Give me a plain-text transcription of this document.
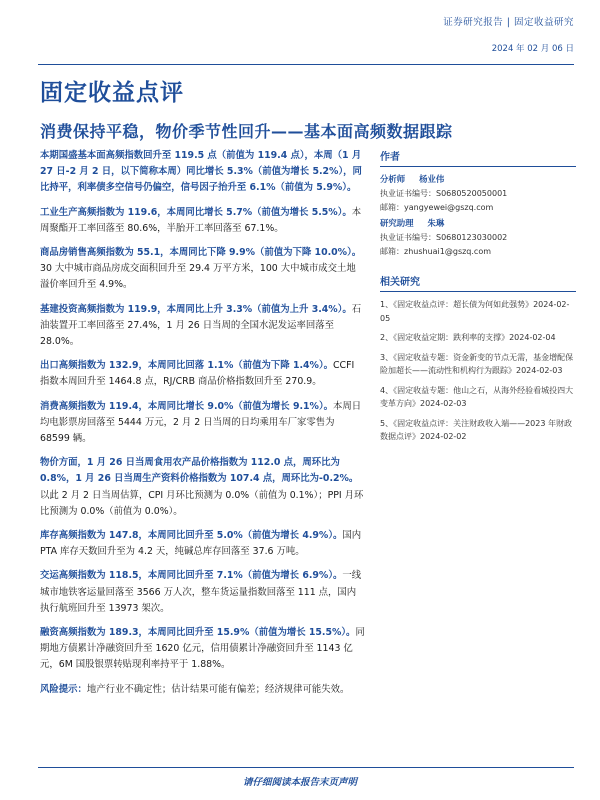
证券研究报告 | 固定收益研究
2024 年 02 月 06 日
固定收益点评
消费保持平稳，物价季节性回升——基本面高频数据跟踪

本期国盛基本面高频指数回升至 119.5 点（前值为 119.4 点），本周（1 月 27 日-2 月 2 日，以下简称本周）同比增长 5.3%（前值为增长 5.2%），同比持平，利率债多空信号仍偏空，信号因子抬升至 6.1%（前值为 5.9%）。

工业生产高频指数为 119.6，本周同比增长 5.7%（前值为增长 5.5%）。本周聚酯开工率回落至 80.6%，半胎开工率回落至 67.1%。

商品房销售高频指数为 55.1，本周同比下降 9.9%（前值为下降 10.0%）。30 大中城市商品房成交面积回升至 29.4 万平方米，100 大中城市成交土地溢价率回升至 4.9%。

基建投资高频指数为 119.9，本周同比上升 3.3%（前值为上升 3.4%）。石油装置开工率回落至 27.4%，1 月 26 日当周的全国水泥发运率回落至 28.0%。

出口高频指数为 132.9，本周同比回落 1.1%（前值为下降 1.4%）。CCFI 指数本周回升至 1464.8 点，RJ/CRB 商品价格指数回升至 270.9。

消费高频指数为 119.4，本周同比增长 9.0%（前值为增长 9.1%）。本周日均电影票房回落至 5444 万元，2 月 2 日当周的日均乘用车厂家零售为 68599 辆。

物价方面，1 月 26 日当周食用农产品价格指数为 112.0 点，周环比为 0.8%，1 月 26 日当周生产资料价格指数为 107.4 点，周环比为-0.2%。以此 2 月 2 日当周估算，CPI 月环比预测为 0.0%（前值为 0.1%）；PPI 月环比预测为 0.0%（前值为 0.0%）。

库存高频指数为 147.8，本周同比回升至 5.0%（前值为增长 4.9%）。国内 PTA 库存天数回升至为 4.2 天，纯碱总库存回落至 37.6 万吨。

交运高频指数为 118.5，本周同比回升至 7.1%（前值为增长 6.9%）。一线城市地铁客运量回落至 3566 万人次，整车货运量指数回落至 111 点，国内执行航班回升至 13973 架次。

融资高频指数为 189.3，本周同比回升至 15.9%（前值为增长 15.5%）。同期地方债累计净融资回升至 1620 亿元，信用债累计净融资回升至 1143 亿元，6M 国股银票转贴现利率持平于 1.88%。

风险提示：地产行业不确定性；估计结果可能有偏差；经济规律可能失效。

作者
分析师 杨业伟
执业证书编号：S0680520050001
邮箱：yangyewei@gszq.com
研究助理 朱琳
执业证书编号：S0680123030002
邮箱：zhushuai1@gszq.com
相关研究
1、《固定收益点评：超长债为何如此强势》2024-02-05
2、《固定收益定期：跌利率的支撑》2024-02-04
3、《固定收益专题：资金新变的节点无需，基金增配保险加超长——流动性和机构行为跟踪》2024-02-03
4、《固定收益专题：他山之石，从海外经验看城投四大变革方向》2024-02-03
5、《固定收益点评：关注财政收入端——2023 年财政数据点评》2024-02-02
请仔细阅读本报告末页声明
